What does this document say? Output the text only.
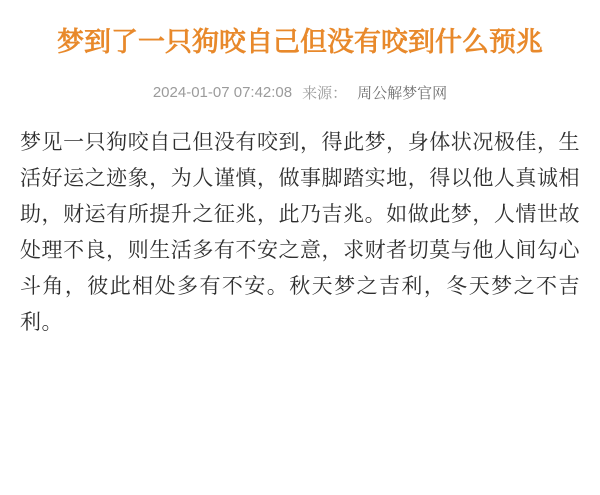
梦到了一只狗咬自己但没有咬到什么预兆
2024-01-07 07:42:08 来源： 周公解梦官网
梦见一只狗咬自己但没有咬到，得此梦，身体状况极佳，生活好运之迹象，为人谨慎，做事脚踏实地，得以他人真诚相助，财运有所提升之征兆，此乃吉兆。如做此梦，人情世故处理不良，则生活多有不安之意，求财者切莫与他人间勾心斗角，彼此相处多有不安。秋天梦之吉利，冬天梦之不吉利。
